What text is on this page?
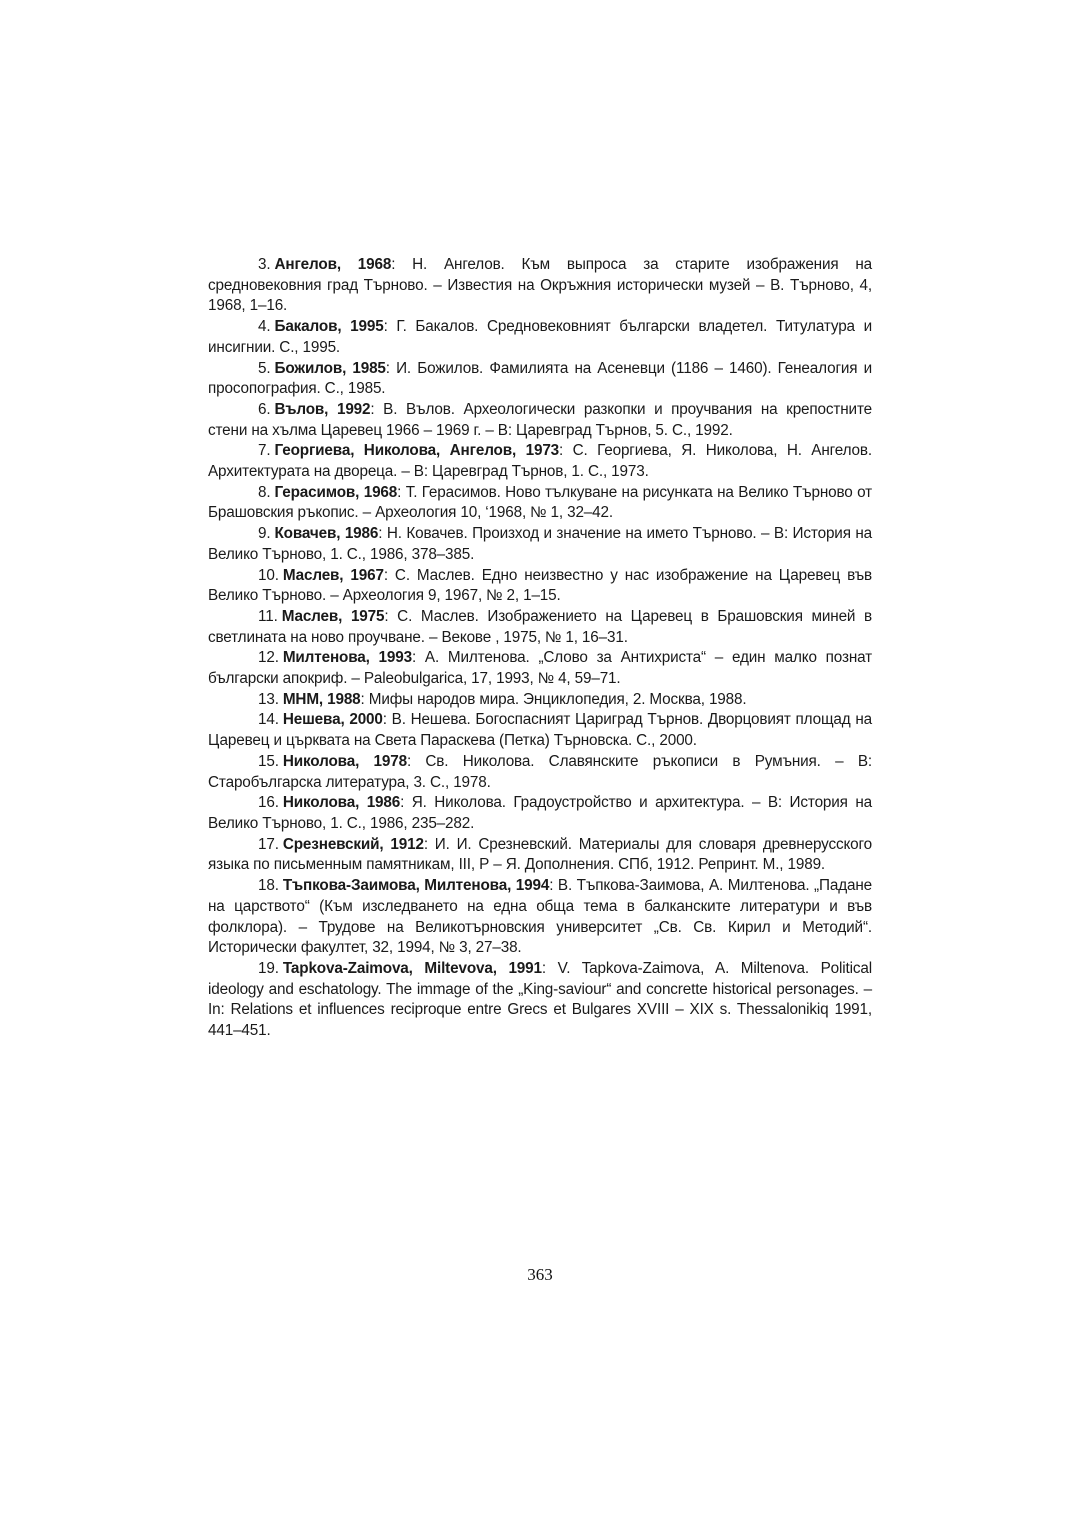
3. Ангелов, 1968: Н. Ангелов. Към выпроса за старите изображения на средновековния град Търново. – Известия на Окръжния исторически музей – В. Търново, 4, 1968, 1–16.

4. Бакалов, 1995: Г. Бакалов. Средновековният български владетел. Титулатура и инсигнии. С., 1995.

5. Божилов, 1985: И. Божилов. Фамилията на Асеневци (1186 – 1460). Генеалогия и просопография. С., 1985.

6. Вълов, 1992: В. Вълов. Археологически разкопки и проучвания на крепостните стени на хълма Царевец 1966 – 1969 г. – В: Царевград Търнов, 5. С., 1992.

7. Георгиева, Николова, Ангелов, 1973: С. Георгиева, Я. Николова, Н. Ангелов. Архитектурата на двореца. – В: Царевград Търнов, 1. С., 1973.

8. Герасимов, 1968: Т. Герасимов. Ново тълкуване на рисунката на Велико Търново от Брашовския ръкопис. – Археология 10, ‘1968, № 1, 32–42.

9. Ковачев, 1986: Н. Ковачев. Произход и значение на името Търново. – В: История на Велико Търново, 1. С., 1986, 378–385.

10. Маслев, 1967: С. Маслев. Едно неизвестно у нас изображение на Царевец във Велико Търново. – Археология 9, 1967, № 2, 1–15.

11. Маслев, 1975: С. Маслев. Изображението на Царевец в Брашовския миней в светлината на ново проучване. – Векове , 1975, № 1, 16–31.

12. Милтенова, 1993: А. Милтенова. „Слово за Антихриста“ – един малко познат български апокриф. – Paleobulgarica, 17, 1993, № 4, 59–71.

13. МНМ, 1988: Мифы народов мира. Энциклопедия, 2. Москва, 1988.

14. Нешева, 2000: В. Нешева. Богоспасният Цариград Търнов. Дворцовият площад на Царевец и църквата на Света Параскева (Петка) Търновска. С., 2000.

15. Николова, 1978: Св. Николова. Славянските ръкописи в Румъния. – В: Старобългарска литература, 3. С., 1978.

16. Николова, 1986: Я. Николова. Градоустройство и архитектура. – В: История на Велико Търново, 1. С., 1986, 235–282.

17. Срезневский, 1912: И. И. Срезневский. Материалы для словаря древнерусского языка по письменным памятникам, III, Р – Я. Дополнения. СПб, 1912. Репринт. М., 1989.

18. Тъпкова-Заимова, Милтенова, 1994: В. Тъпкова-Заимова, А. Милтенова. „Падане на царството“ (Към изследването на една обща тема в балканските литератури и във фолклора). – Трудове на Великотърновския университет „Св. Св. Кирил и Методий“. Исторически факултет, 32, 1994, № 3, 27–38.

19. Tapkova-Zaimova, Miltevova, 1991: V. Tapkova-Zaimova, A. Miltenova. Political ideology and eschatology. The immage of the „King-saviour“ and concrette historical personages. – In: Relations et influences reciproque entre Grecs et Bulgares XVIII – XIX s. Thessalonikiq 1991, 441–451.

363
